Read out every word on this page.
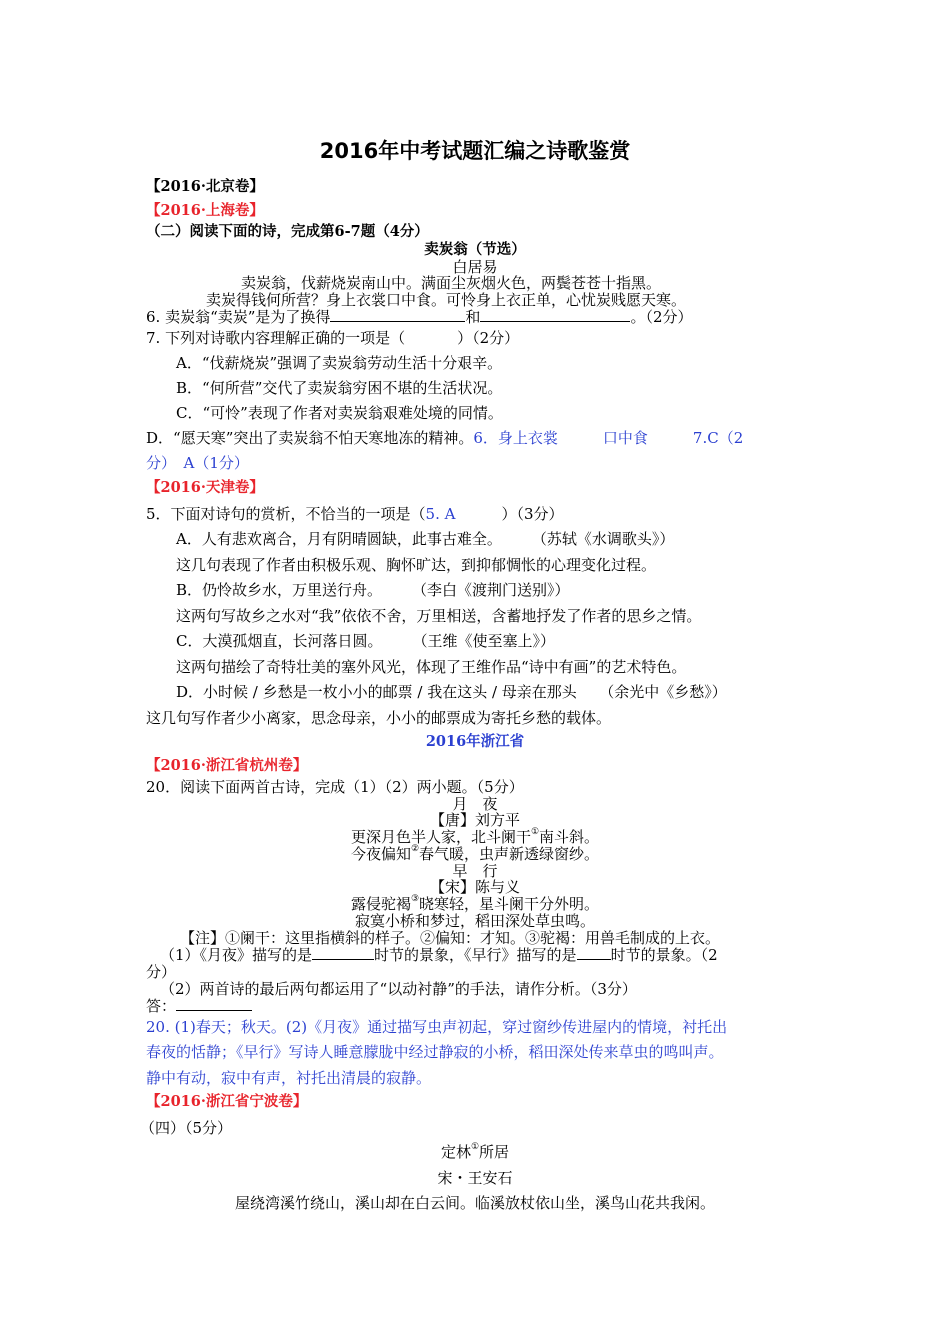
2016年中考试题汇编之诗歌鉴赏
【2016·北京卷】
【2016·上海卷】
（二）阅读下面的诗，完成第6-7题（4分）
卖炭翁（节选）
白居易
卖炭翁，伐薪烧炭南山中。满面尘灰烟火色，两鬓苍苍十指黑。
卖炭得钱何所营？身上衣裳口中食。可怜身上衣正单，心忧炭贱愿天寒。
6. 卖炭翁“卖炭”是为了换得	和	。（2分）
7. 下列对诗歌内容理解正确的一项是（	）（2分）
A．“伐薪烧炭”强调了卖炭翁劳动生活十分艰辛。
B．“何所营”交代了卖炭翁穷困不堪的生活状况。
C．“可怜”表现了作者对卖炭翁艰难处境的同情。
D．“愿天寒”突出了卖炭翁不怕天寒地冻的精神。6．身上衣裳　　　口中食　　　7.C（2
分）　A（1分）
【2016·天津卷】
5．下面对诗句的赏析，不恰当的一项是（5. A	）（3分）
A．人有悲欢离合，月有阴晴圆缺，此事古难全。　　　（苏轼《水调歌头》）
这几句表现了作者由积极乐观、胸怀旷达，到抑郁惆怅的心理变化过程。
B．仍怜故乡水，万里送行舟。　　　（李白《渡荆门送别》）
这两句写故乡之水对“我”依依不舍，万里相送，含蓄地抒发了作者的思乡之情。
C．大漠孤烟直，长河落日圆。　　　（王维《使至塞上》）
这两句描绘了奇特壮美的塞外风光，体现了王维作品“诗中有画”的艺术特色。
D．小时候 / 乡愁是一枚小小的邮票 / 我在这头 / 母亲在那头　　（余光中《乡愁》）
这几句写作者少小离家，思念母亲，小小的邮票成为寄托乡愁的载体。
2016年浙江省
【2016·浙江省杭州卷】
20．阅读下面两首古诗，完成（1）（2）两小题。（5分）
月　夜
【唐】刘方平
更深月色半人家，北斗阑干①南斗斜。
今夜偏知②春气暖，虫声新透绿窗纱。
早　行
【宋】陈与义
露侵驼褐③晓寒轻，星斗阑干分外明。
寂寞小桥和梦过，稻田深处草虫鸣。
【注】①阑干：这里指横斜的样子。②偏知：才知。③驼褐：用兽毛制成的上衣。
（1）《月夜》描写的是	时节的景象，《早行》描写的是 时节的景象。（2
分）
（2）两首诗的最后两句都运用了“以动衬静”的手法，请作分析。（3分）
答：
20. (1)春天；秋天。(2)《月夜》通过描写虫声初起，穿过窗纱传进屋内的情境，衬托出
春夜的恬静；《早行》写诗人睡意朦胧中经过静寂的小桥，稻田深处传来草虫的鸣叫声。
静中有动，寂中有声，衬托出清晨的寂静。
【2016·浙江省宁波卷】
（四）（5分）
定林①所居
宋・王安石
屋绕湾溪竹绕山，溪山却在白云间。临溪放杖依山坐，溪鸟山花共我闲。
